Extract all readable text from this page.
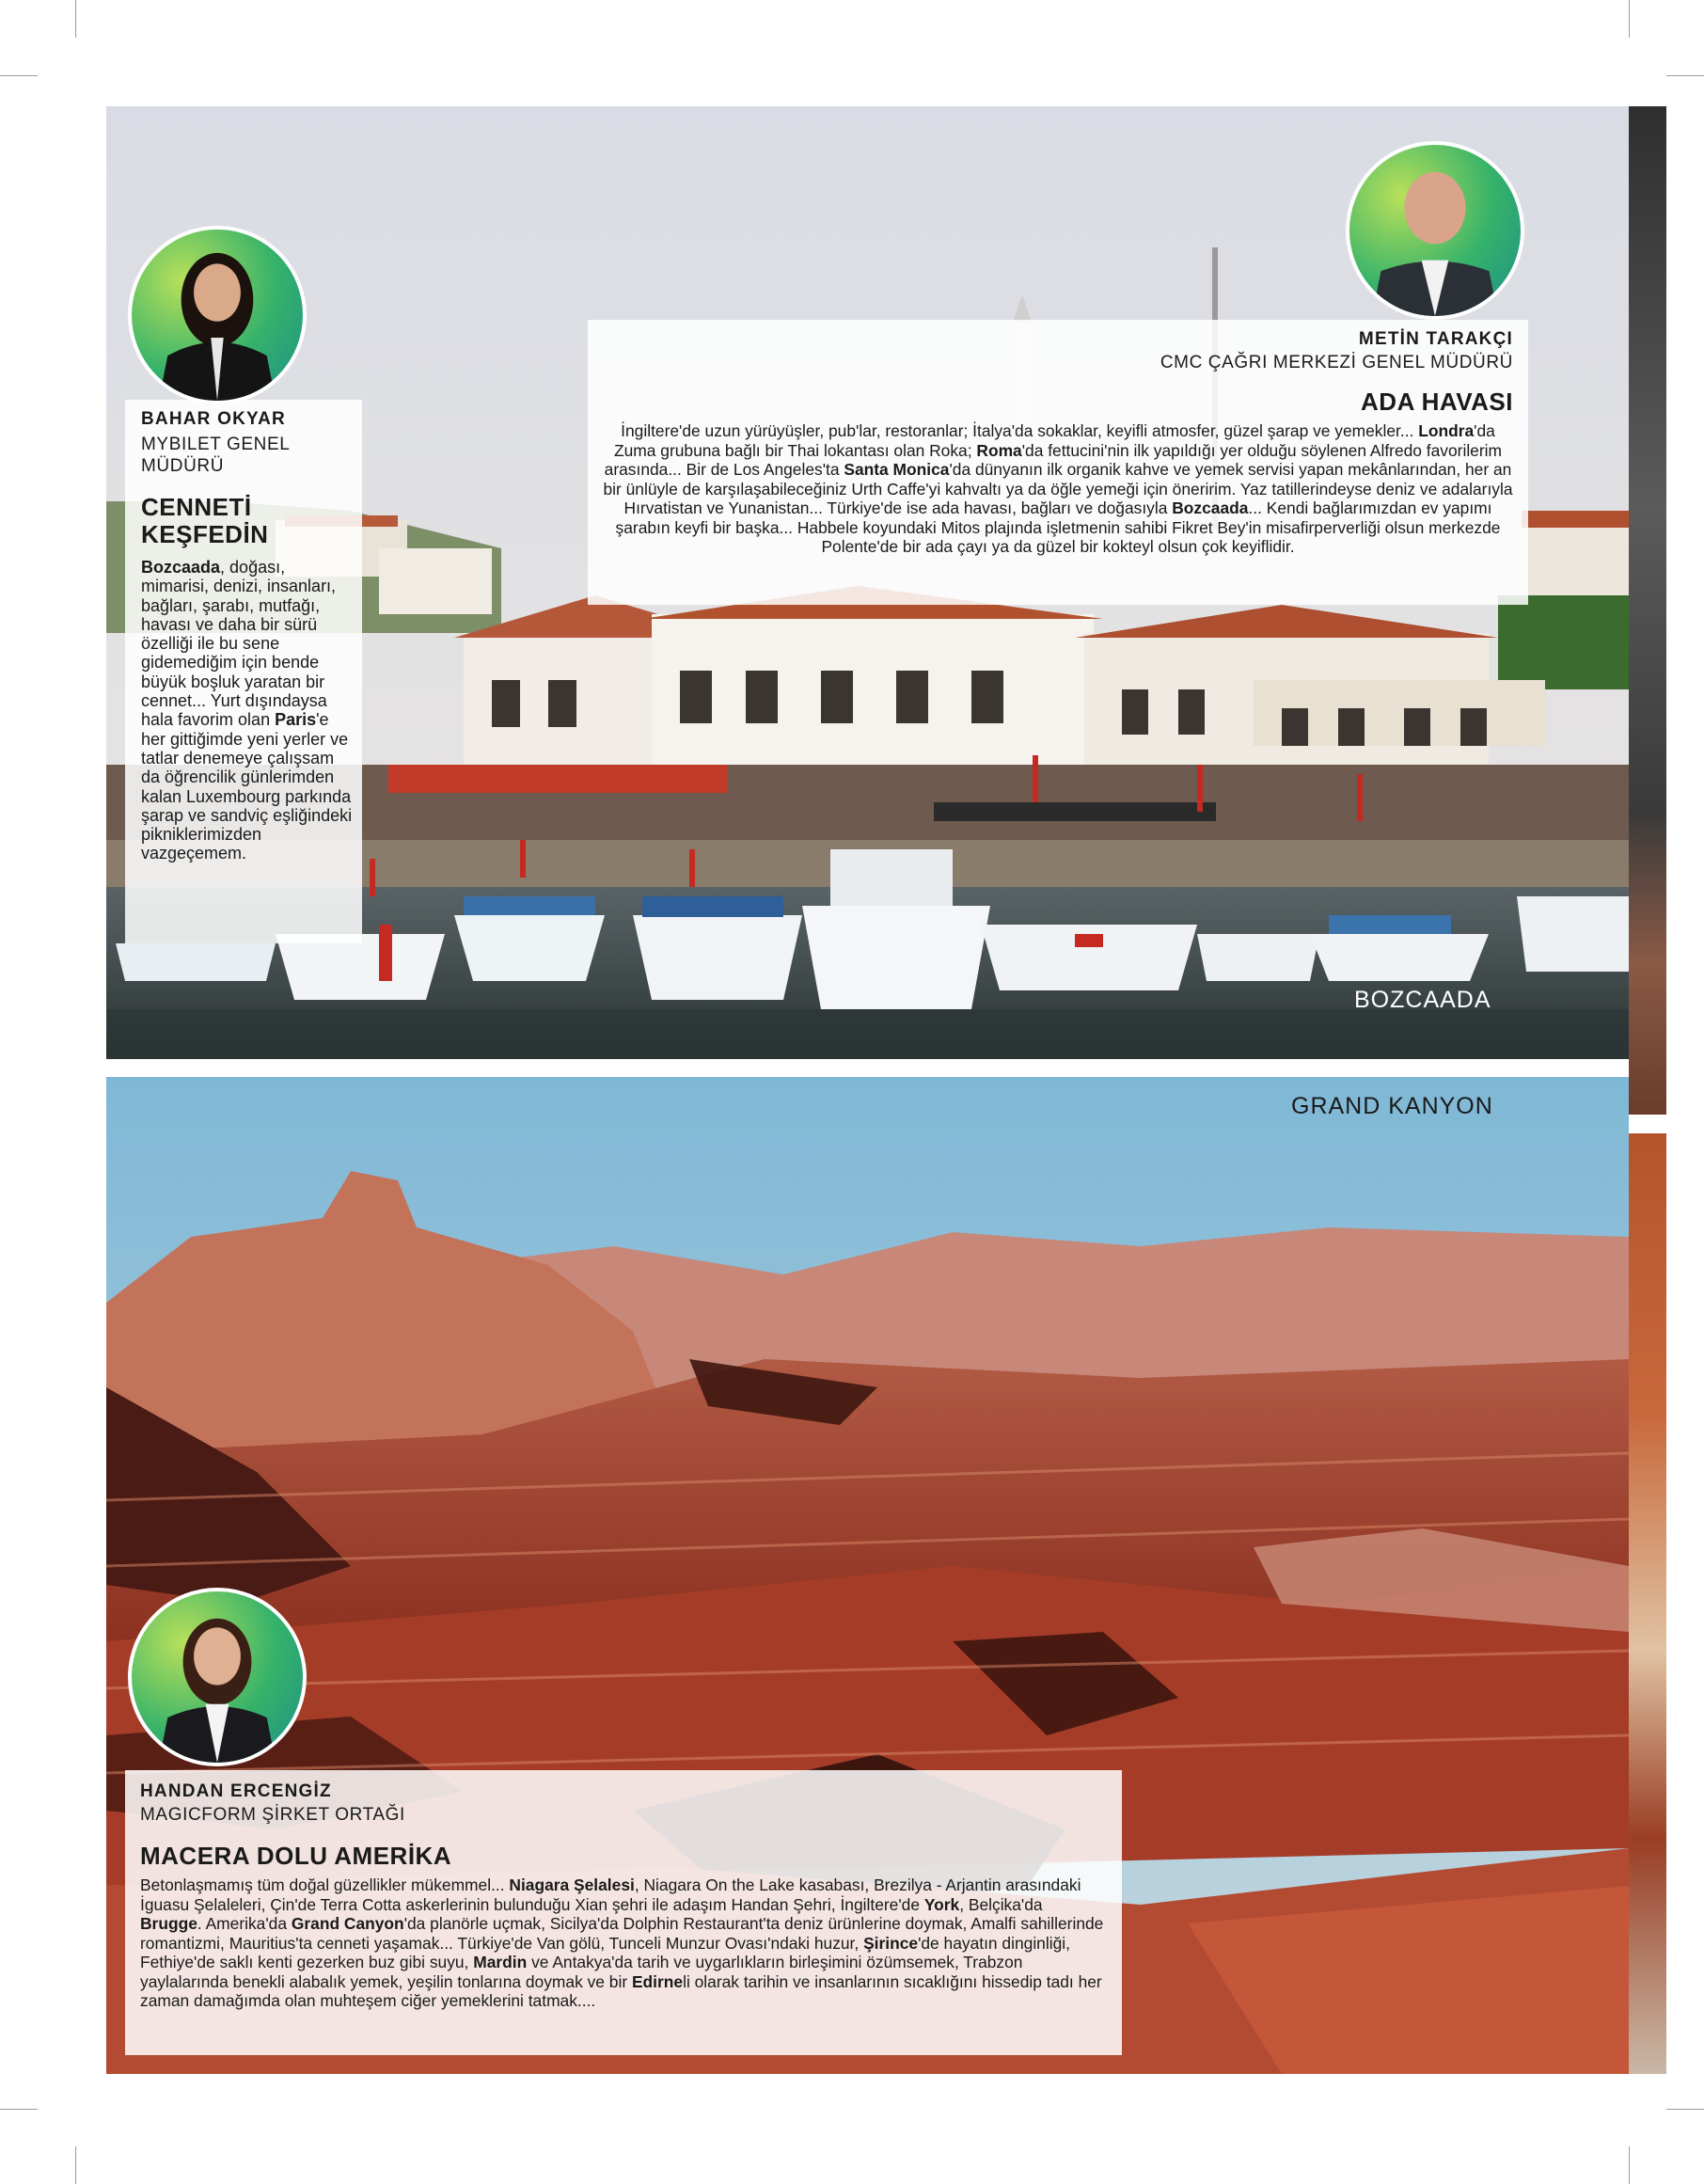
BOZCAADA
GRAND KANYON
BAHAR OKYAR
MYBILET GENEL MÜDÜRÜ
CENNETİ
KEŞFEDİN
Bozcaada, doğası, mimarisi, denizi, insanları, bağları, şarabı, mutfağı, havası ve daha bir sürü özelliği ile bu sene gidemediğim için bende büyük boşluk yaratan bir cennet... Yurt dışındaysa hala favorim olan Paris'e her gittiğimde yeni yerler ve tatlar denemeye çalışsam da öğrencilik günlerimden kalan Luxembourg parkında şarap ve sandviç eşliğindeki pikniklerimizden vazgeçemem.
METİN TARAKÇI
CMC ÇAĞRI MERKEZİ GENEL MÜDÜRÜ
ADA HAVASI
İngiltere'de uzun yürüyüşler, pub'lar, restoranlar; İtalya'da sokaklar, keyifli atmosfer, güzel şarap ve yemekler... Londra'da Zuma grubuna bağlı bir Thai lokantası olan Roka; Roma'da fettucini'nin ilk yapıldığı yer olduğu söylenen Alfredo favorilerim arasında... Bir de Los Angeles'ta Santa Monica'da dünyanın ilk organik kahve ve yemek servisi yapan mekânlarından, her an bir ünlüyle de karşılaşabileceğiniz Urth Caffe'yi kahvaltı ya da öğle yemeği için öneririm. Yaz tatillerindeyse deniz ve adalarıyla Hırvatistan ve Yunanistan... Türkiye'de ise ada havası, bağları ve doğasıyla Bozcaada... Kendi bağlarımızdan ev yapımı şarabın keyfi bir başka... Habbele koyundaki Mitos plajında işletmenin sahibi Fikret Bey'in misafirperverliği olsun merkezde Polente'de bir ada çayı ya da güzel bir kokteyl olsun çok keyiflidir.
HANDAN ERCENGİZ
MAGICFORM ŞİRKET ORTAĞI
MACERA DOLU AMERİKA
Betonlaşmamış tüm doğal güzellikler mükemmel... Niagara Şelalesi, Niagara On the Lake kasabası, Brezilya - Arjantin arasındaki İguasu Şelaleleri, Çin'de Terra Cotta askerlerinin bulunduğu Xian şehri ile adaşım Handan Şehri, İngiltere'de York, Belçika'da Brugge. Amerika'da Grand Canyon'da planörle uçmak, Sicilya'da Dolphin Restaurant'ta deniz ürünlerine doymak, Amalfi sahillerinde romantizmi, Mauritius'ta cenneti yaşamak... Türkiye'de Van gölü, Tunceli Munzur Ovası'ndaki huzur, Şirince'de hayatın dinginliği, Fethiye'de saklı kenti gezerken buz gibi suyu, Mardin ve Antakya'da tarih ve uygarlıkların birleşimini özümsemek, Trabzon yaylalarında benekli alabalık yemek, yeşilin tonlarına doymak ve bir Edirneli olarak tarihin ve insanlarının sıcaklığını hissedip tadı her zaman damağımda olan muhteşem ciğer yemeklerini tatmak....
